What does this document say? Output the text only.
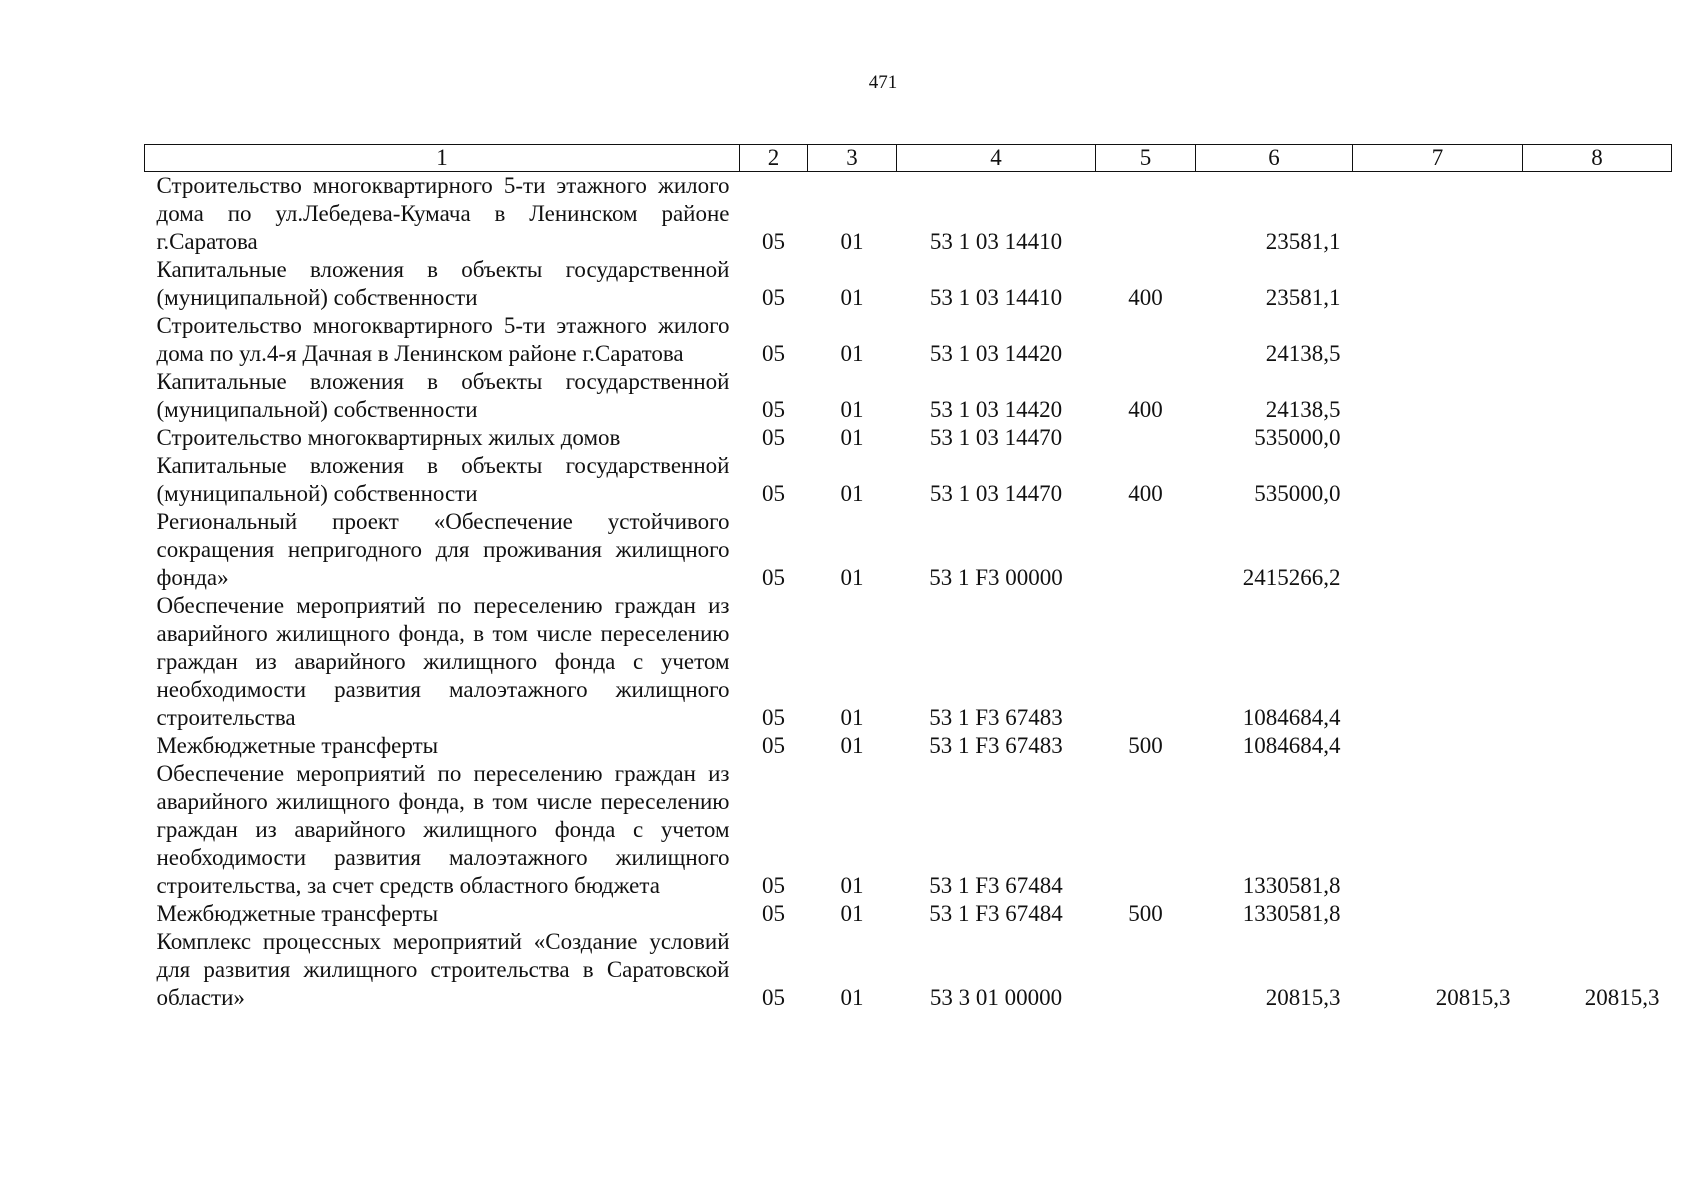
471
1	2	3	4	5	6	7	8
Строительство многоквартирного 5-ти этажного жилого дома по ул.Лебедева-Кумача в Ленинском районе г.Саратова	05	01	53 1 03 14410		23581,1		
Капитальные вложения в объекты государственной (муниципальной) собственности	05	01	53 1 03 14410	400	23581,1		
Строительство многоквартирного 5-ти этажного жилого дома по ул.4-я Дачная в Ленинском районе г.Саратова	05	01	53 1 03 14420		24138,5		
Капитальные вложения в объекты государственной (муниципальной) собственности	05	01	53 1 03 14420	400	24138,5		
Строительство многоквартирных жилых домов	05	01	53 1 03 14470		535000,0		
Капитальные вложения в объекты государственной (муниципальной) собственности	05	01	53 1 03 14470	400	535000,0		
Региональный проект «Обеспечение устойчивого сокращения непригодного для проживания жилищного фонда»	05	01	53 1 F3 00000		2415266,2		
Обеспечение мероприятий по переселению граждан из аварийного жилищного фонда, в том числе переселению граждан из аварийного жилищного фонда с учетом необходимости развития малоэтажного жилищного строительства	05	01	53 1 F3 67483		1084684,4		
Межбюджетные трансферты	05	01	53 1 F3 67483	500	1084684,4		
Обеспечение мероприятий по переселению граждан из аварийного жилищного фонда, в том числе переселению граждан из аварийного жилищного фонда с учетом необходимости развития малоэтажного жилищного строительства, за счет средств областного бюджета	05	01	53 1 F3 67484		1330581,8		
Межбюджетные трансферты	05	01	53 1 F3 67484	500	1330581,8		
Комплекс процессных мероприятий «Создание условий для развития жилищного строительства в Саратовской области»	05	01	53 3 01 00000		20815,3	20815,3	20815,3
